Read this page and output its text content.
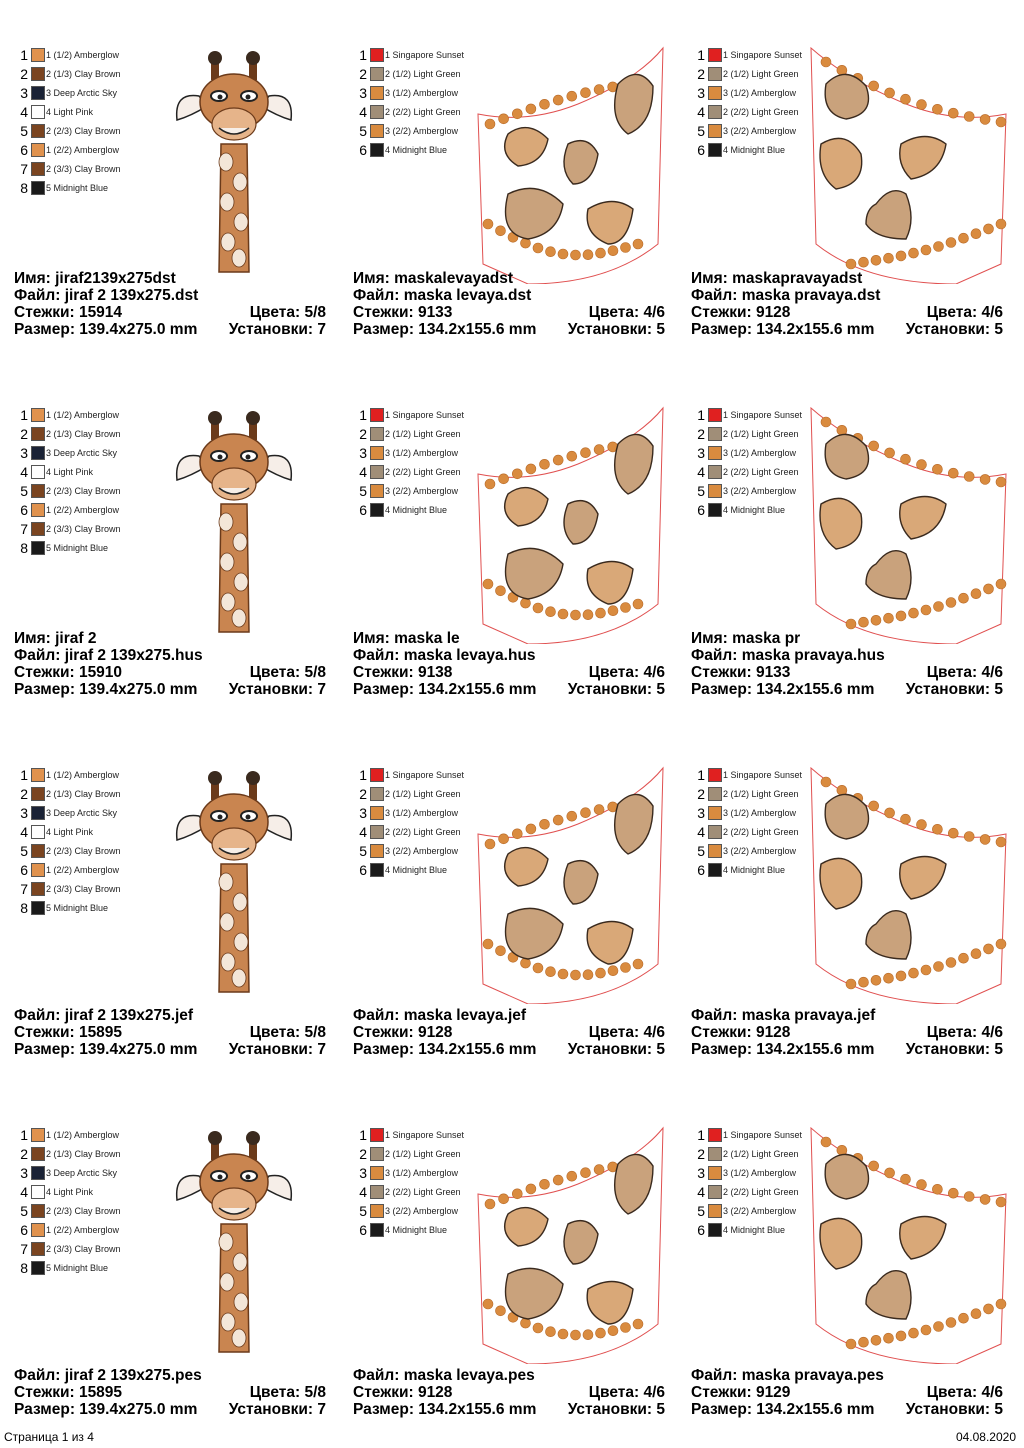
1 1 (1/2) Amberglow
2 2 (1/3) Clay Brown
3 3 Deep Arctic Sky
4 4 Light Pink
5 2 (2/3) Clay Brown
6 1 (2/2) Amberglow
7 2 (3/3) Clay Brown
8 5 Midnight Blue
Имя: jiraf2139x275dst
Файл: jiraf 2 139x275.dst
Стежки: 15914	Цвета: 5/8
Размер: 139.4x275.0 mm Установки: 7
1 1 Singapore Sunset
2 2 (1/2) Light Green
3 3 (1/2) Amberglow
4 2 (2/2) Light Green
5 3 (2/2) Amberglow
6 4 Midnight Blue
Имя: maskalevayadst
Файл: maska levaya.dst
Стежки: 9133	Цвета: 4/6
Размер: 134.2x155.6 mm Установки: 5
1 1 Singapore Sunset
2 2 (1/2) Light Green
3 3 (1/2) Amberglow
4 2 (2/2) Light Green
5 3 (2/2) Amberglow
6 4 Midnight Blue
Имя: maskapravayadst
Файл: maska pravaya.dst
Стежки: 9128	Цвета: 4/6
Размер: 134.2x155.6 mm Установки: 5
1 1 (1/2) Amberglow
2 2 (1/3) Clay Brown
3 3 Deep Arctic Sky
4 4 Light Pink
5 2 (2/3) Clay Brown
6 1 (2/2) Amberglow
7 2 (3/3) Clay Brown
8 5 Midnight Blue
Имя: jiraf 2
Файл: jiraf 2 139x275.hus
Стежки: 15910	Цвета: 5/8
Размер: 139.4x275.0 mm Установки: 7
1 1 Singapore Sunset
2 2 (1/2) Light Green
3 3 (1/2) Amberglow
4 2 (2/2) Light Green
5 3 (2/2) Amberglow
6 4 Midnight Blue
Имя: maska le
Файл: maska levaya.hus
Стежки: 9138	Цвета: 4/6
Размер: 134.2x155.6 mm Установки: 5
1 1 Singapore Sunset
2 2 (1/2) Light Green
3 3 (1/2) Amberglow
4 2 (2/2) Light Green
5 3 (2/2) Amberglow
6 4 Midnight Blue
Имя: maska pr
Файл: maska pravaya.hus
Стежки: 9133	Цвета: 4/6
Размер: 134.2x155.6 mm Установки: 5
1 1 (1/2) Amberglow
2 2 (1/3) Clay Brown
3 3 Deep Arctic Sky
4 4 Light Pink
5 2 (2/3) Clay Brown
6 1 (2/2) Amberglow
7 2 (3/3) Clay Brown
8 5 Midnight Blue
Файл: jiraf 2 139x275.jef
Стежки: 15895	Цвета: 5/8
Размер: 139.4x275.0 mm Установки: 7
1 1 Singapore Sunset
2 2 (1/2) Light Green
3 3 (1/2) Amberglow
4 2 (2/2) Light Green
5 3 (2/2) Amberglow
6 4 Midnight Blue
Файл: maska levaya.jef
Стежки: 9128	Цвета: 4/6
Размер: 134.2x155.6 mm Установки: 5
1 1 Singapore Sunset
2 2 (1/2) Light Green
3 3 (1/2) Amberglow
4 2 (2/2) Light Green
5 3 (2/2) Amberglow
6 4 Midnight Blue
Файл: maska pravaya.jef
Стежки: 9128	Цвета: 4/6
Размер: 134.2x155.6 mm Установки: 5
1 1 (1/2) Amberglow
2 2 (1/3) Clay Brown
3 3 Deep Arctic Sky
4 4 Light Pink
5 2 (2/3) Clay Brown
6 1 (2/2) Amberglow
7 2 (3/3) Clay Brown
8 5 Midnight Blue
Файл: jiraf 2 139x275.pes
Стежки: 15895	Цвета: 5/8
Размер: 139.4x275.0 mm Установки: 7
1 1 Singapore Sunset
2 2 (1/2) Light Green
3 3 (1/2) Amberglow
4 2 (2/2) Light Green
5 3 (2/2) Amberglow
6 4 Midnight Blue
Файл: maska levaya.pes
Стежки: 9128	Цвета: 4/6
Размер: 134.2x155.6 mm Установки: 5
1 1 Singapore Sunset
2 2 (1/2) Light Green
3 3 (1/2) Amberglow
4 2 (2/2) Light Green
5 3 (2/2) Amberglow
6 4 Midnight Blue
Файл: maska pravaya.pes
Стежки: 9129	Цвета: 4/6
Размер: 134.2x155.6 mm Установки: 5
Страница 1 из 4	04.08.2020
